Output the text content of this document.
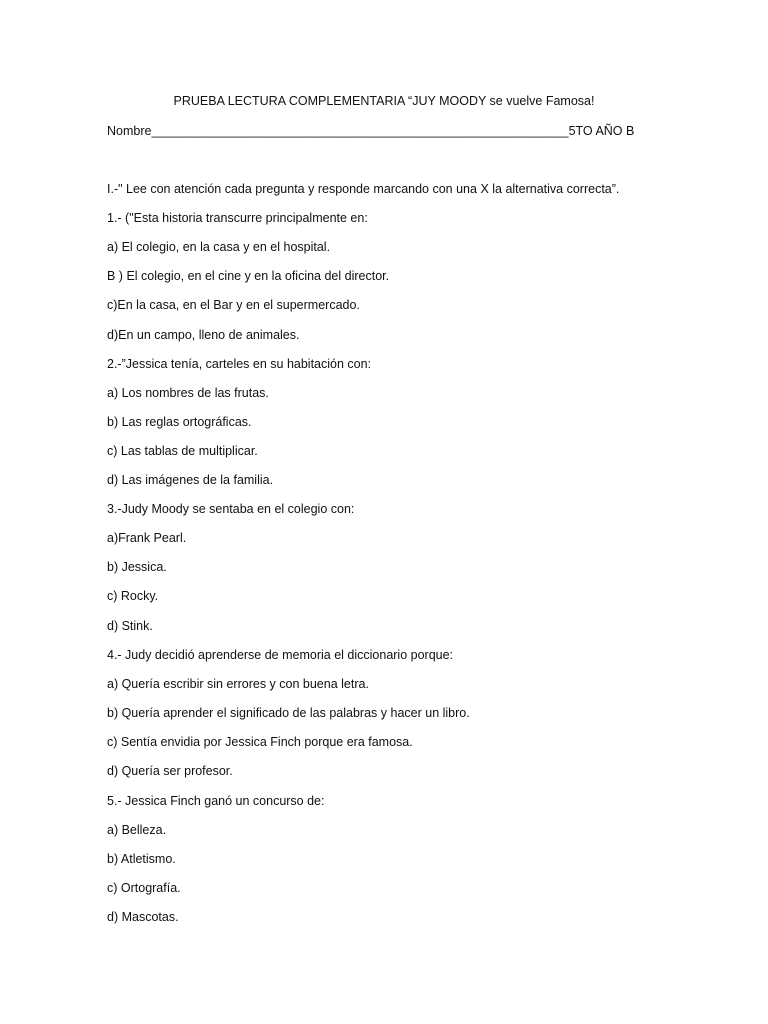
PRUEBA LECTURA COMPLEMENTARIA “JUY MOODY se vuelve Famosa!
Nombre____________________________________________________________5TO AÑO B
I.-" Lee con atención cada pregunta y responde marcando con una X la alternativa correcta”.
1.- ("Esta historia transcurre principalmente en:
a) El colegio, en la casa y en el hospital.
B ) El colegio, en el cine y en la oficina del director.
c)En la casa, en el Bar y en el supermercado.
d)En un campo, lleno de animales.
2.-”Jessica tenía, carteles en su habitación con:
a) Los nombres de las frutas.
b) Las reglas ortográficas.
c) Las tablas de multiplicar.
d) Las imágenes de la familia.
3.-Judy Moody se sentaba en el colegio con:
a)Frank Pearl.
b) Jessica.
c) Rocky.
d) Stink.
4.- Judy decidió aprenderse de memoria el diccionario porque:
a) Quería escribir sin errores y con buena letra.
b) Quería aprender el significado de las palabras y hacer un libro.
c) Sentía envidia por Jessica Finch porque era famosa.
d) Quería ser profesor.
5.- Jessica Finch ganó un concurso de:
a) Belleza.
b) Atletismo.
c) Ortografía.
d) Mascotas.
